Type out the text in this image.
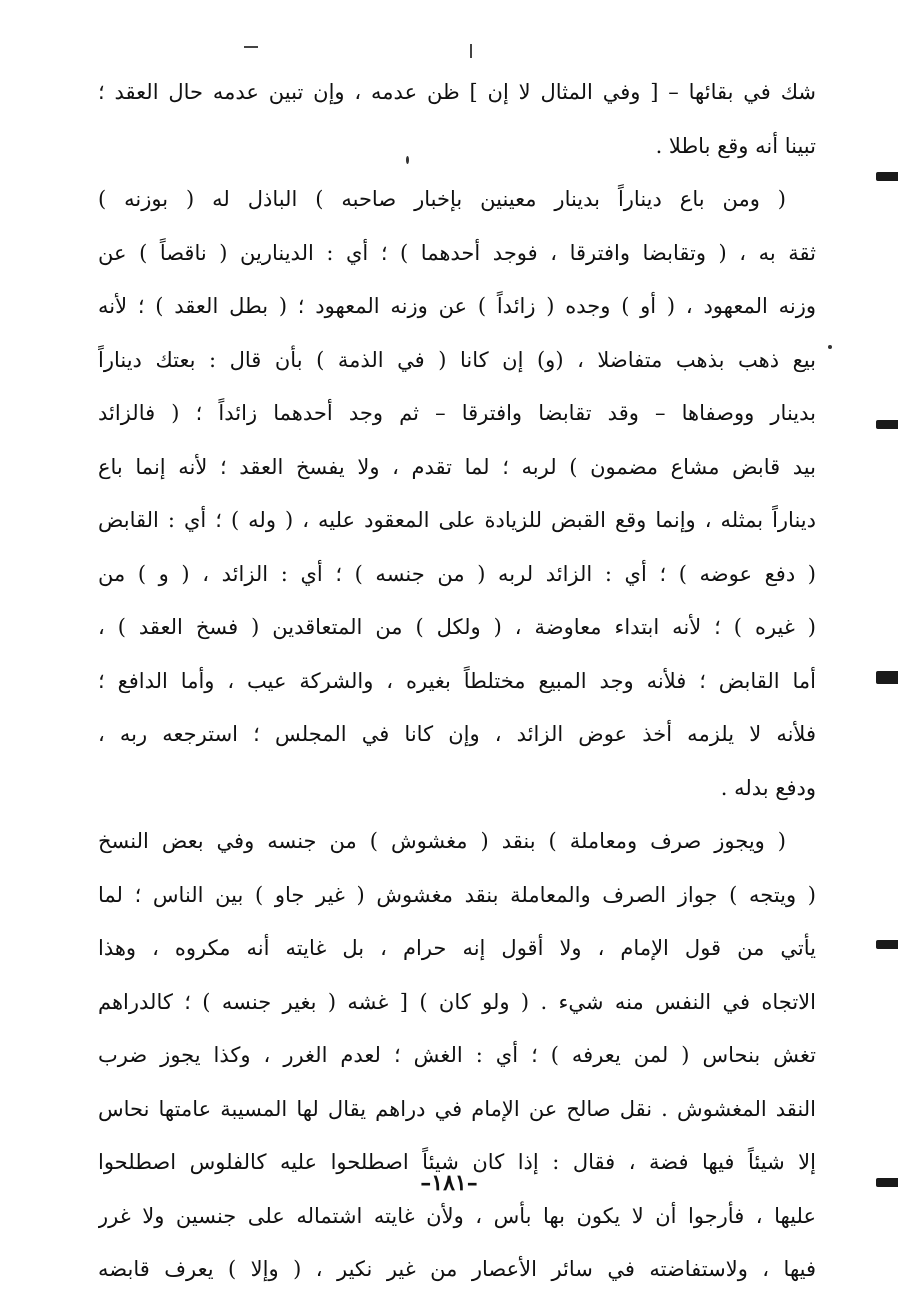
شك في بقائها – [ وفي المثال لا إن ] ظن عدمه ، وإن تبين عدمه حال العقد ؛
تبينا أنه وقع باطلا .
( ومن باع ديناراً بدينار معينين بإخبار صاحبه ) الباذل له ( بوزنه )
ثقة به ، ( وتقابضا وافترقا ، فوجد أحدهما ) ؛ أي : الدينارين ( ناقصاً ) عن
وزنه المعهود ، ( أو ) وجده ( زائداً ) عن وزنه المعهود ؛ ( بطل العقد ) ؛ لأنه
بيع ذهب بذهب متفاضلا ، (و) إن كانا ( في الذمة ) بأن قال : بعتك ديناراً
بدينار ووصفاها – وقد تقابضا وافترقا – ثم وجد أحدهما زائداً ؛ ( فالزائد
بيد قابض مشاع مضمون ) لربه ؛ لما تقدم ، ولا يفسخ العقد ؛ لأنه إنما باع
ديناراً بمثله ، وإنما وقع القبض للزيادة على المعقود عليه ، ( وله ) ؛ أي : القابض
( دفع عوضه ) ؛ أي : الزائد لربه ( من جنسه ) ؛ أي : الزائد ، ( و ) من
( غيره ) ؛ لأنه ابتداء معاوضة ، ( ولكل ) من المتعاقدين ( فسخ العقد ) ،
أما القابض ؛ فلأنه وجد المبيع مختلطاً بغيره ، والشركة عيب ، وأما الدافع ؛
فلأنه لا يلزمه أخذ عوض الزائد ، وإن كانا في المجلس ؛ استرجعه ربه ،
ودفع بدله .
( ويجوز صرف ومعاملة ) بنقد ( مغشوش ) من جنسه وفي بعض النسخ
( ويتجه ) جواز الصرف والمعاملة بنقد مغشوش ( غير جاو ) بين الناس ؛ لما
يأتي من قول الإمام ، ولا أقول إنه حرام ، بل غايته أنه مكروه ، وهذا
الاتجاه في النفس منه شيء . ( ولو كان ) [ غشه ( بغير جنسه ) ؛ كالدراهم
تغش بنحاس ( لمن يعرفه ) ؛ أي : الغش ؛ لعدم الغرر ، وكذا يجوز ضرب
النقد المغشوش . نقل صالح عن الإمام في دراهم يقال لها المسيبة عامتها نحاس
إلا شيئاً فيها فضة ، فقال : إذا كان شيئاً اصطلحوا عليه كالفلوس اصطلحوا
عليها ، فأرجوا أن لا يكون بها بأس ، ولأن غايته اشتماله على جنسين ولا غرر
فيها ، ولاستفاضته في سائر الأعصار من غير نكير ، ( وإلا ) يعرف قابضه
–١٨١–
